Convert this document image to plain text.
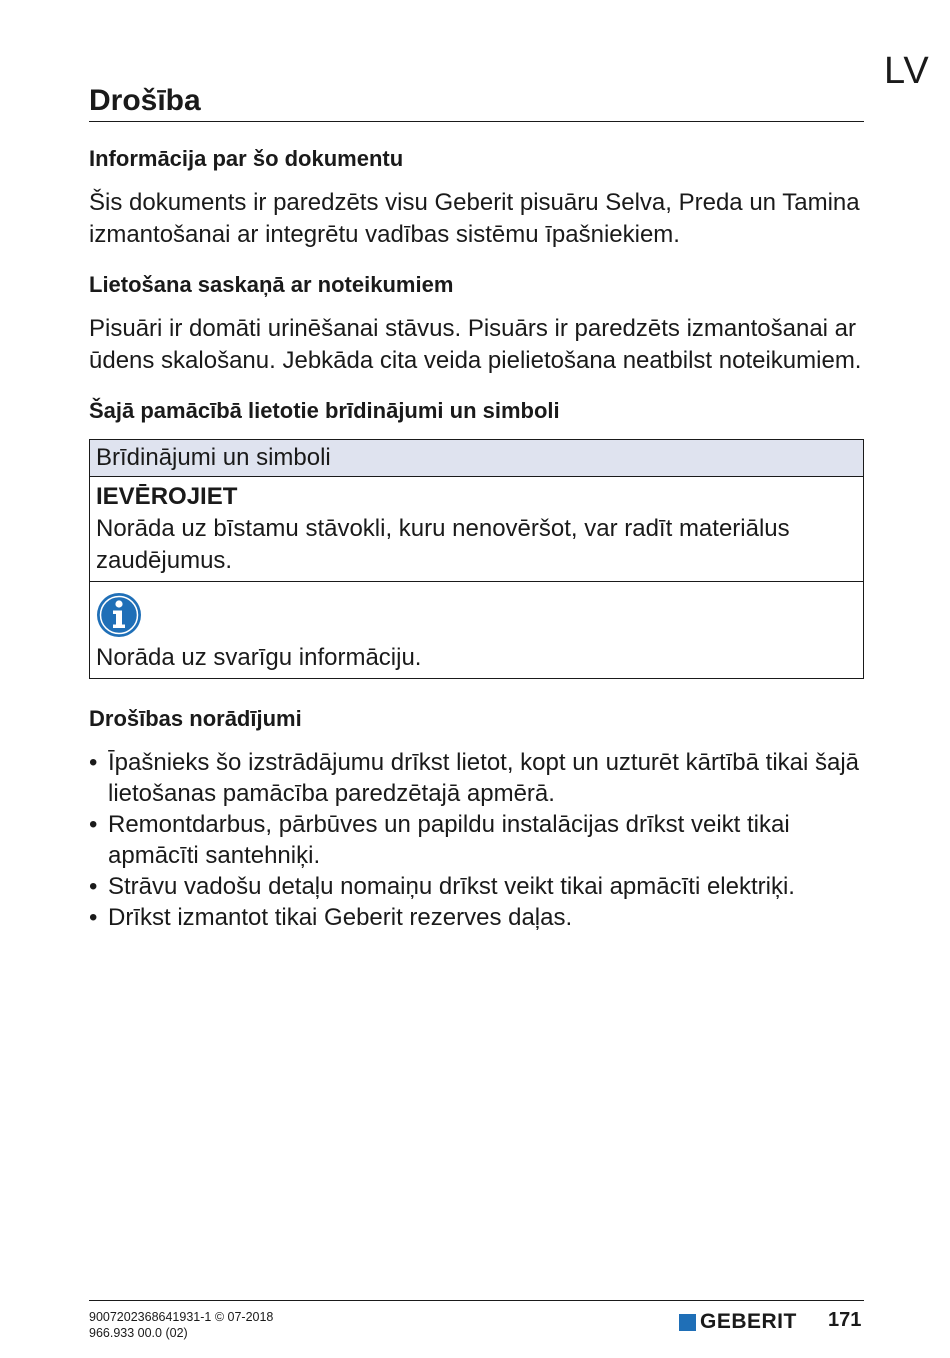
LV
Drošība
Informācija par šo dokumentu

Šis dokuments ir paredzēts visu Geberit pisuāru Selva, Preda un Tamina izmantošanai ar integrētu vadības sistēmu īpašniekiem.

Lietošana saskaņā ar noteikumiem

Pisuāri ir domāti urinēšanai stāvus. Pisuārs ir paredzēts izmantošanai ar ūdens skalošanu. Jebkāda cita veida pielietošana neatbilst noteikumiem.

Šajā pamācībā lietotie brīdinājumi un simboli
Brīdinājumi un simboli
IEVĒROJIET
Norāda uz bīstamu stāvokli, kuru nenovēršot, var radīt materiālus zaudējumus.
Norāda uz svarīgu informāciju.
Drošības norādījumi
• Īpašnieks šo izstrādājumu drīkst lietot, kopt un uzturēt kārtībā tikai šajā lietošanas pamācība paredzētajā apmērā.
• Remontdarbus, pārbūves un papildu instalācijas drīkst veikt tikai apmācīti santehniķi.
• Strāvu vadošu detaļu nomaiņu drīkst veikt tikai apmācīti elektriķi.
• Drīkst izmantot tikai Geberit rezerves daļas.
9007202368641931-1 © 07-2018
966.933 00.0 (02)	GEBERIT 171
